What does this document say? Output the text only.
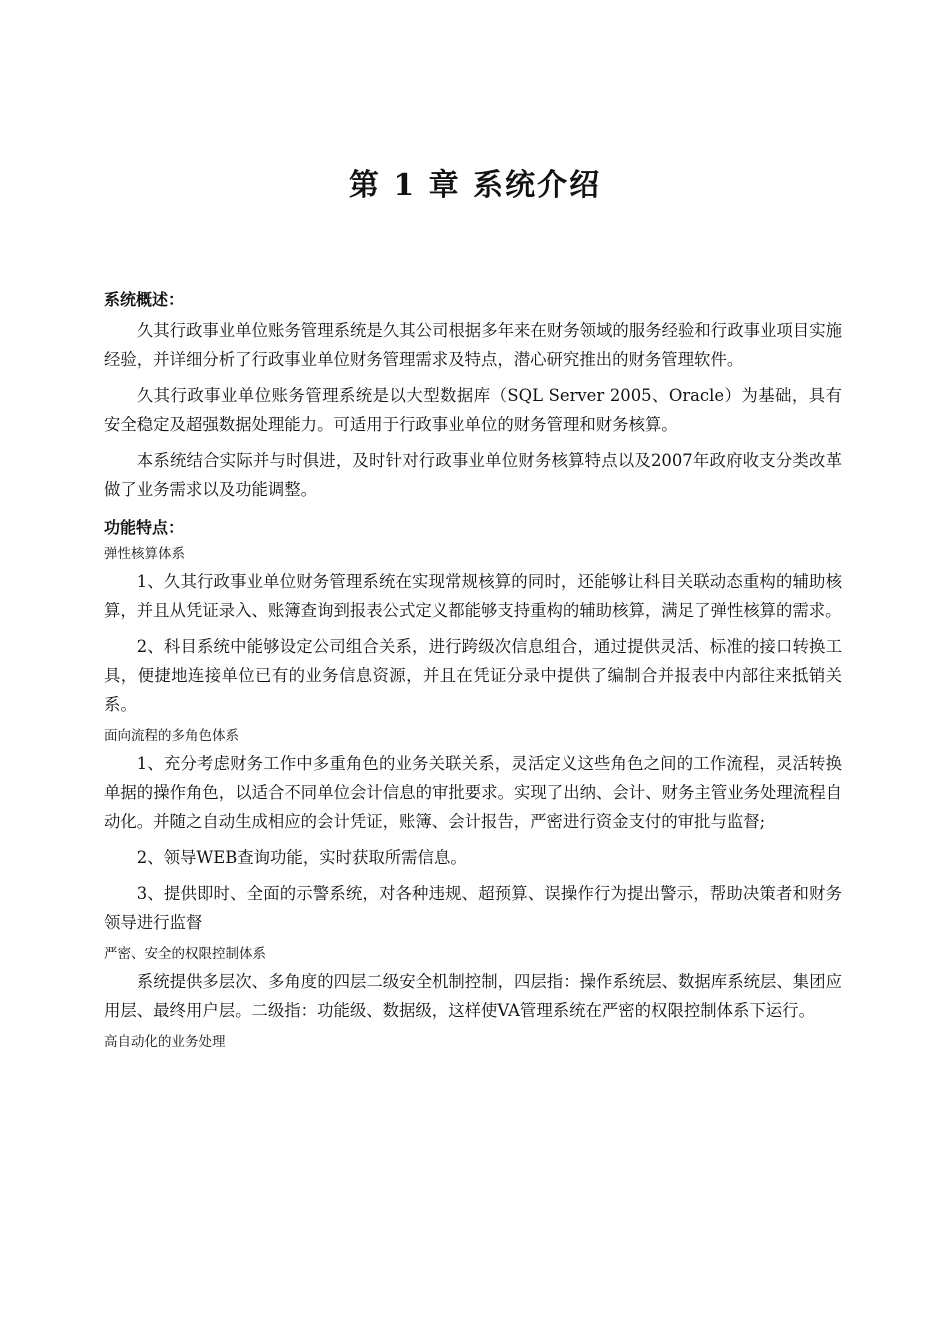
第 1 章 系统介绍
系统概述：

久其行政事业单位账务管理系统是久其公司根据多年来在财务领域的服务经验和行政事业项目实施经验，并详细分析了行政事业单位财务管理需求及特点，潜心研究推出的财务管理软件。

久其行政事业单位账务管理系统是以大型数据库（SQL Server 2005、Oracle）为基础，具有安全稳定及超强数据处理能力。可适用于行政事业单位的财务管理和财务核算。

本系统结合实际并与时俱进，及时针对行政事业单位财务核算特点以及2007年政府收支分类改革做了业务需求以及功能调整。

功能特点：
弹性核算体系

1、久其行政事业单位财务管理系统在实现常规核算的同时，还能够让科目关联动态重构的辅助核算，并且从凭证录入、账簿查询到报表公式定义都能够支持重构的辅助核算，满足了弹性核算的需求。

2、科目系统中能够设定公司组合关系，进行跨级次信息组合，通过提供灵活、标准的接口转换工具，便捷地连接单位已有的业务信息资源，并且在凭证分录中提供了编制合并报表中内部往来抵销关系。

面向流程的多角色体系

1、充分考虑财务工作中多重角色的业务关联关系，灵活定义这些角色之间的工作流程，灵活转换单据的操作角色，以适合不同单位会计信息的审批要求。实现了出纳、会计、财务主管业务处理流程自动化。并随之自动生成相应的会计凭证，账簿、会计报告，严密进行资金支付的审批与监督;

2、领导WEB查询功能，实时获取所需信息。

3、提供即时、全面的示警系统，对各种违规、超预算、误操作行为提出警示，帮助决策者和财务领导进行监督

严密、安全的权限控制体系

系统提供多层次、多角度的四层二级安全机制控制，四层指：操作系统层、数据库系统层、集团应用层、最终用户层。二级指：功能级、数据级，这样使VA管理系统在严密的权限控制体系下运行。

高自动化的业务处理
